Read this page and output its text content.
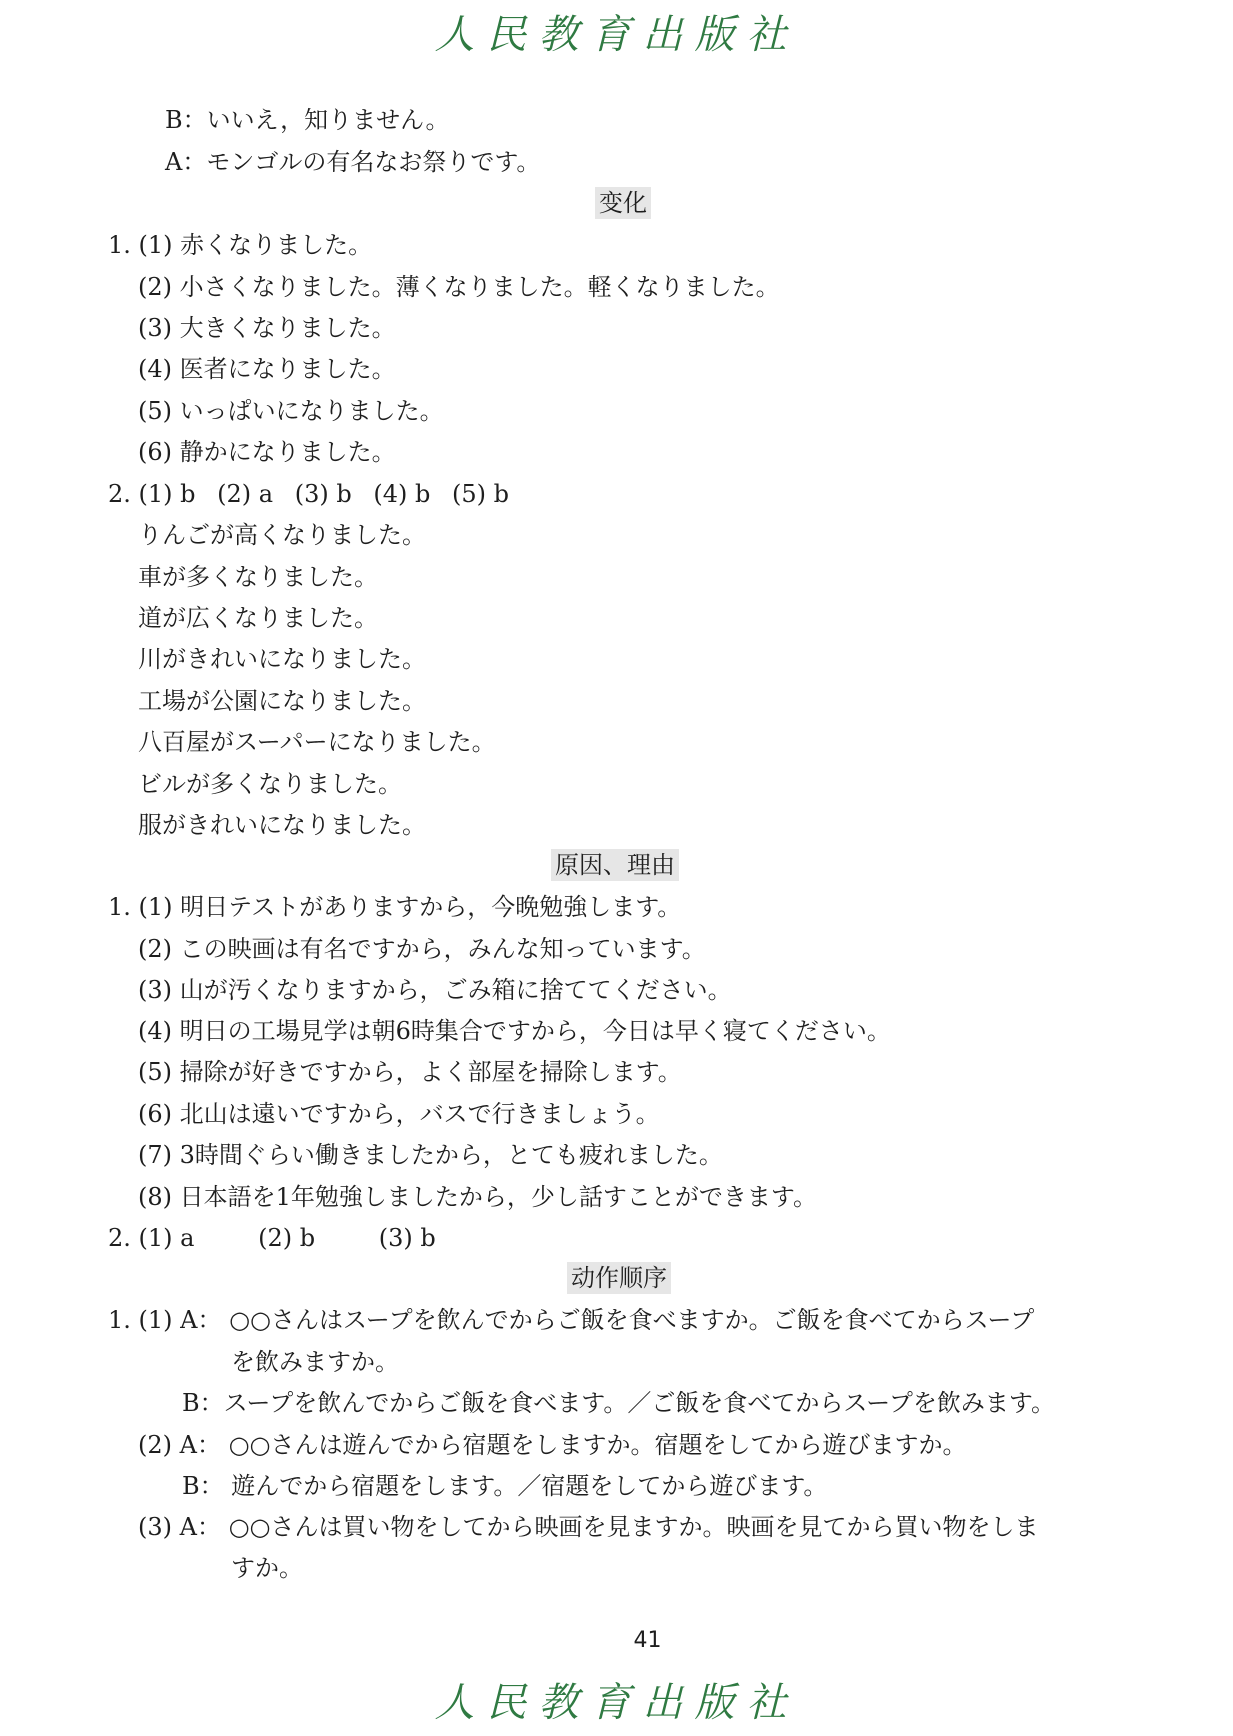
人民教育出版社
B：いいえ，知りません。
A：モンゴルの有名なお祭りです。
变化
1. (1) 赤くなりました。
(2) 小さくなりました。薄くなりました。軽くなりました。
(3) 大きくなりました。
(4) 医者になりました。
(5) いっぱいになりました。
(6) 静かになりました。
2. (1) b (2) a (3) b (4) b (5) b
りんごが高くなりました。
車が多くなりました。
道が広くなりました。
川がきれいになりました。
工場が公園になりました。
八百屋がスーパーになりました。
ビルが多くなりました。
服がきれいになりました。
原因、理由
1. (1) 明日テストがありますから，今晩勉強します。
(2) この映画は有名ですから，みんな知っています。
(3) 山が汚くなりますから，ごみ箱に捨ててください。
(4) 明日の工場見学は朝6時集合ですから，今日は早く寝てください。
(5) 掃除が好きですから，よく部屋を掃除します。
(6) 北山は遠いですから，バスで行きましょう。
(7) 3時間ぐらい働きましたから，とても疲れました。
(8) 日本語を1年勉強しましたから，少し話すことができます。
2. (1) a	(2) b	(3) b
动作顺序
1. (1) A： ○○さんはスープを飲んでからご飯を食べますか。ご飯を食べてからスープ
を飲みますか。
B：スープを飲んでからご飯を食べます。／ご飯を食べてからスープを飲みます。
(2) A： ○○さんは遊んでから宿題をしますか。宿題をしてから遊びますか。
B： 遊んでから宿題をします。／宿題をしてから遊びます。
(3) A： ○○さんは買い物をしてから映画を見ますか。映画を見てから買い物をしま
すか。
41
人民教育出版社
